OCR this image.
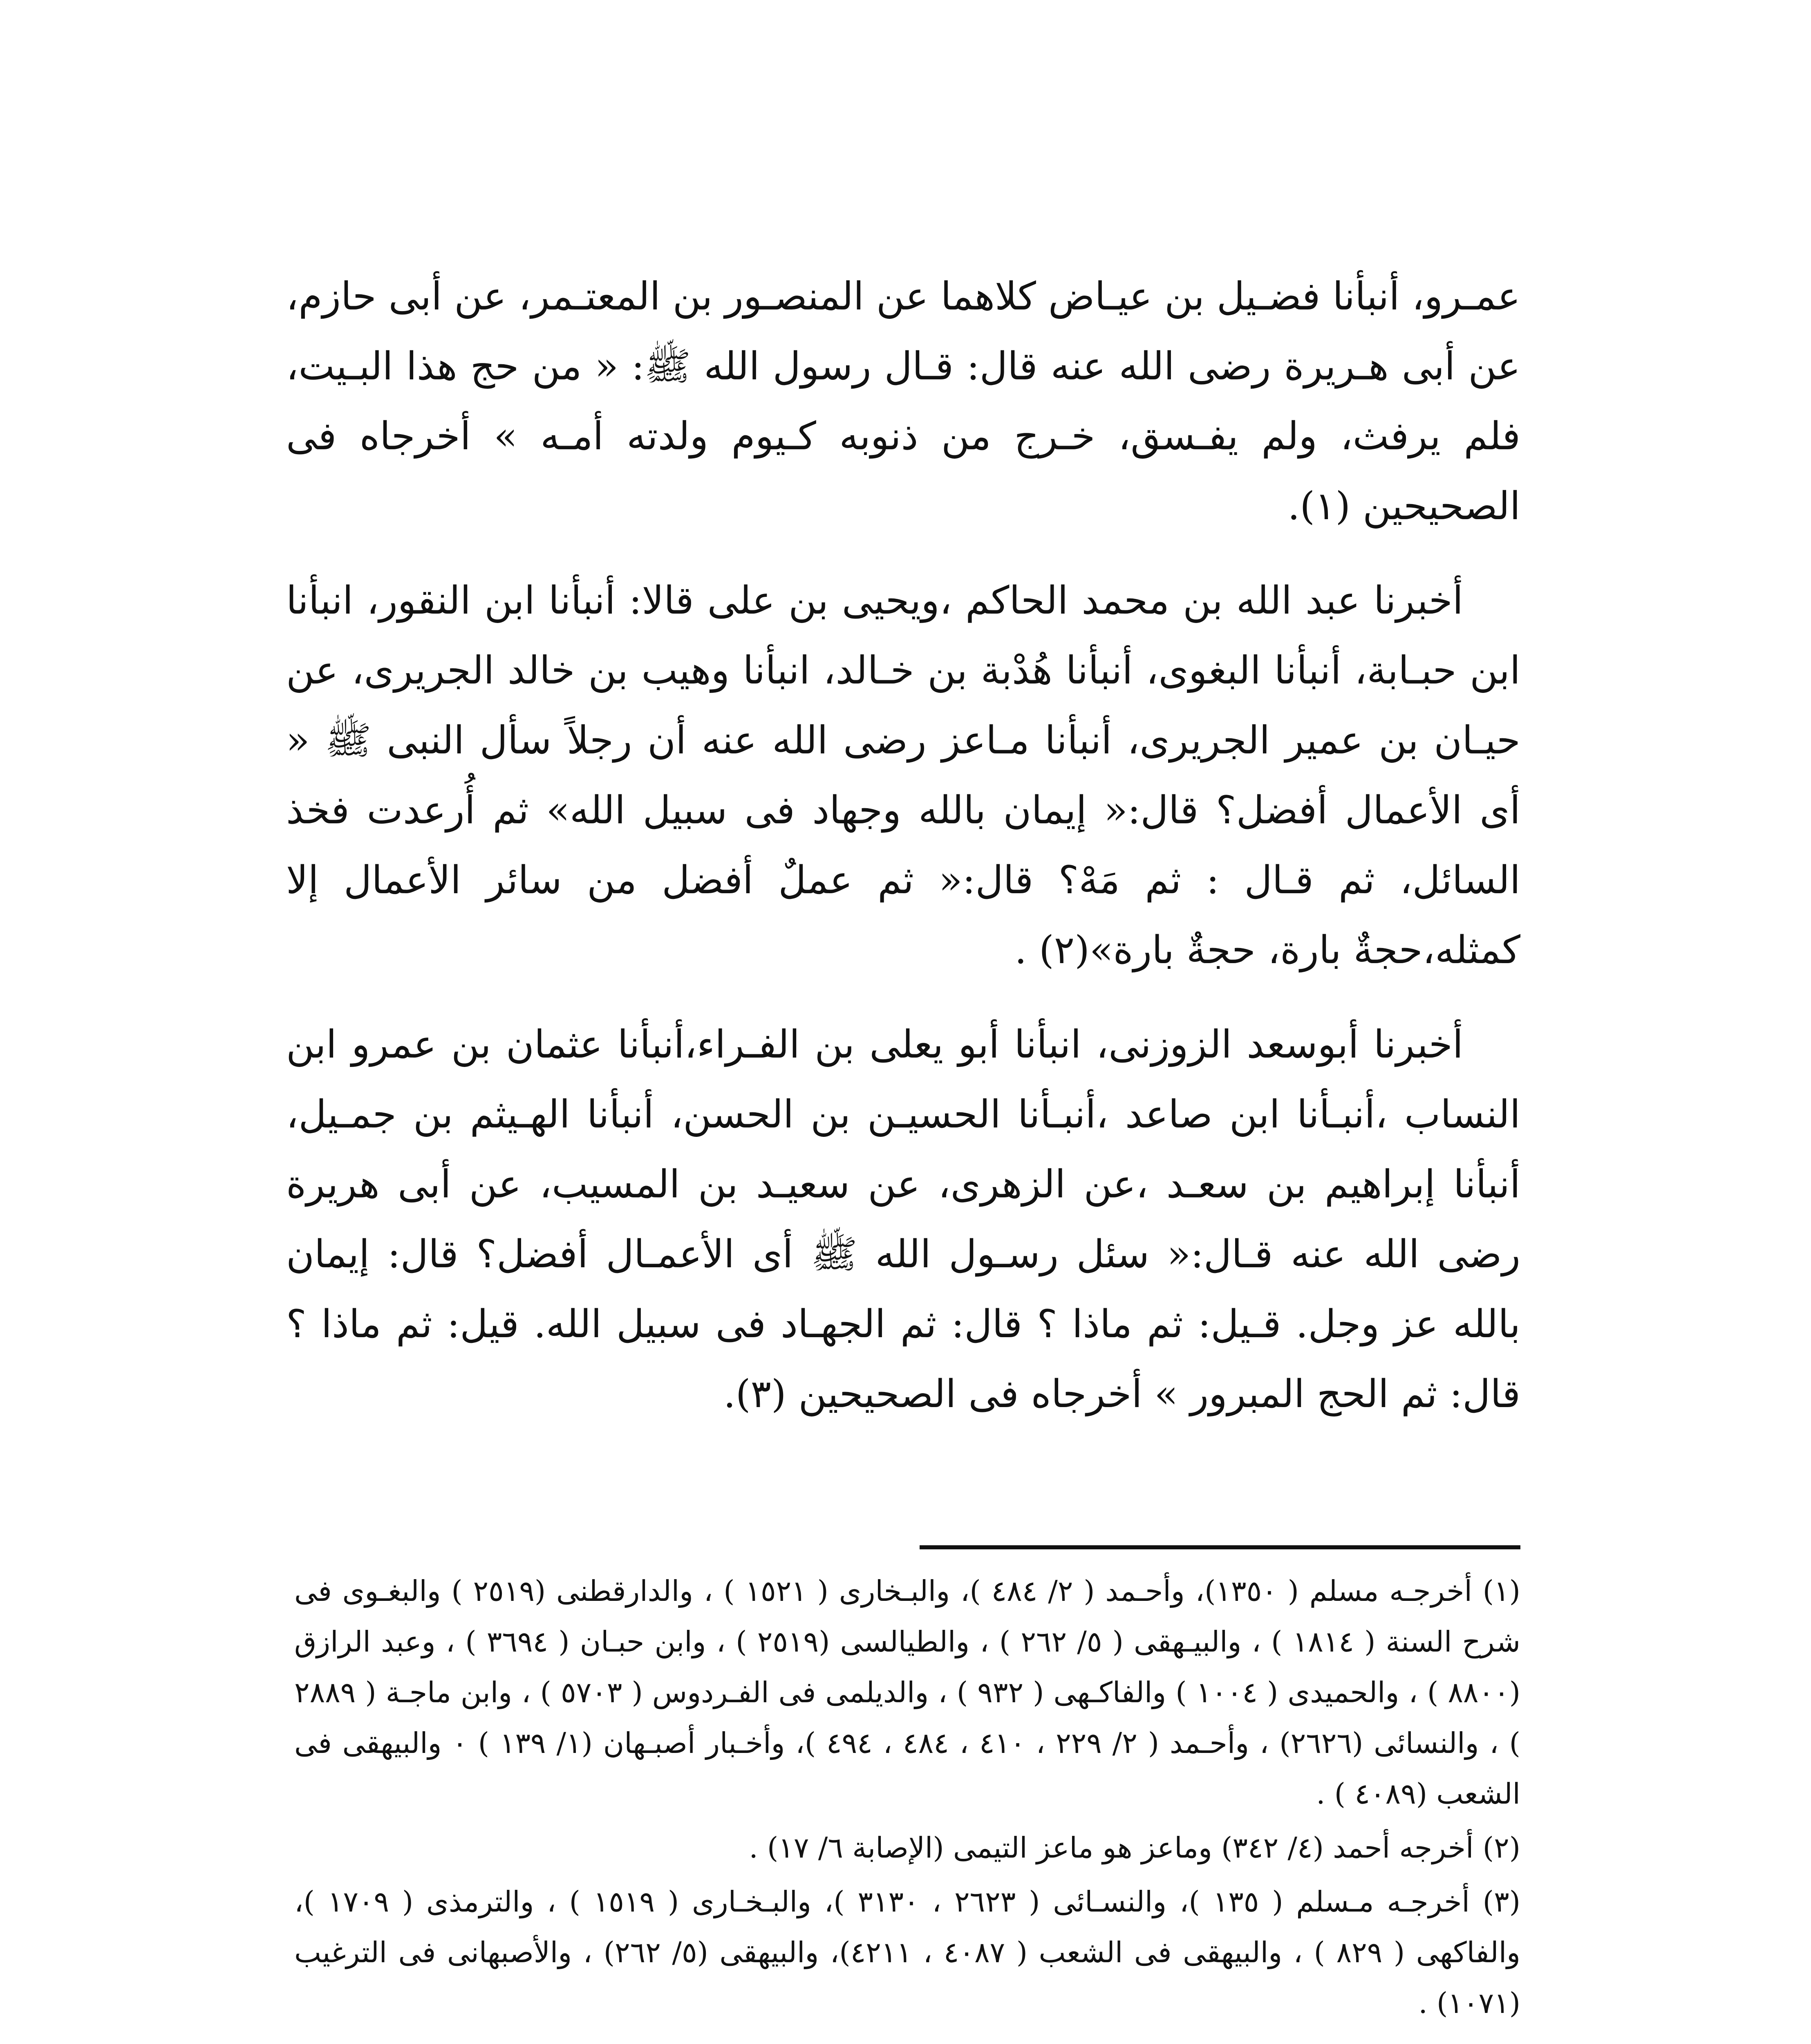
عمـرو، أنبأنا فضـيل بن عيـاض كلاهما عن المنصـور بن المعتـمر، عن أبى حازم، عن أبى هـريرة رضى الله عنه قال: قـال رسول الله ﷺ: « من حج هذا البـيت، فلم يرفث، ولم يفـسق، خـرج من ذنوبه كـيوم ولدته أمـه » أخرجاه فى الصحيحين (١).

أخبرنا عبد الله بن محمد الحاكم ،ويحيى بن على قالا: أنبأنا ابن النقور، انبأنا ابن حبـابة، أنبأنا البغوى، أنبأنا هُدْبة بن خـالد، انبأنا وهيب بن خالد الجريرى، عن حيـان بن عمير الجريرى، أنبأنا مـاعز رضى الله عنه أن رجلاً سأل النبى ﷺ « أى الأعمال أفضل؟ قال:« إيمان بالله وجهاد فى سبيل الله» ثم أُرعدت فخذ السائل، ثم قـال : ثم مَهْ؟ قال:« ثم عملٌ أفضل من سائر الأعمال إلا كمثله،حجةٌ بارة، حجةٌ بارة»(٢) .

أخبرنا أبوسعد الزوزنى، انبأنا أبو يعلى بن الفـراء،أنبأنا عثمان بن عمرو ابن النساب ،أنبـأنا ابن صاعد ،أنبـأنا الحسيـن بن الحسن، أنبأنا الهـيثم بن جمـيل، أنبأنا إبراهيم بن سعـد ،عن الزهرى، عن سعيـد بن المسيب، عن أبى هريرة رضى الله عنه قـال:« سئل رسـول الله ﷺ أى الأعمـال أفضل؟ قال: إيمان بالله عز وجل. قـيل: ثم ماذا ؟ قال: ثم الجهـاد فى سبيل الله. قيل: ثم ماذا ؟ قال: ثم الحج المبرور » أخرجاه فى الصحيحين (٣).

(١) أخرجـه مسلم ( ١٣٥٠)، وأحـمد ( ٢/ ٤٨٤ )، والبـخارى ( ١٥٢١ ) ، والدارقطنى (٢٥١٩ ) والبغـوى فى شرح السنة ( ١٨١٤ ) ، والبيـهقى ( ٥/ ٢٦٢ ) ، والطيالسى (٢٥١٩ ) ، وابن حبـان ( ٣٦٩٤ ) ، وعبد الرازق (٨٨٠٠ ) ، والحميدى ( ١٠٠٤ ) والفاكـهى ( ٩٣٢ ) ، والديلمى فى الفـردوس ( ٥٧٠٣ ) ، وابن ماجـة ( ٢٨٨٩ ) ، والنسائى (٢٦٢٦) ، وأحـمد ( ٢/ ٢٢٩ ، ٤١٠ ، ٤٨٤ ، ٤٩٤ )، وأخـبار أصبـهان (١/ ١٣٩ ) ٠ والبيهقى فى الشعب (٤٠٨٩ ) .

(٢) أخرجه أحمد (٤/ ٣٤٢) وماعز هو ماعز التيمى (الإصابة ٦/ ١٧) .

(٣) أخرجـه مـسلم ( ١٣٥ )، والنسـائى ( ٢٦٢٣ ، ٣١٣٠ )، والبـخـارى ( ١٥١٩ ) ، والترمذى ( ١٧٠٩ )، والفاكهى ( ٨٢٩ ) ، والبيهقى فى الشعب ( ٤٠٨٧ ، ٤٢١١)، والبيهقى (٥/ ٢٦٢) ، والأصبهانى فى الترغيب (١٠٧١) .
